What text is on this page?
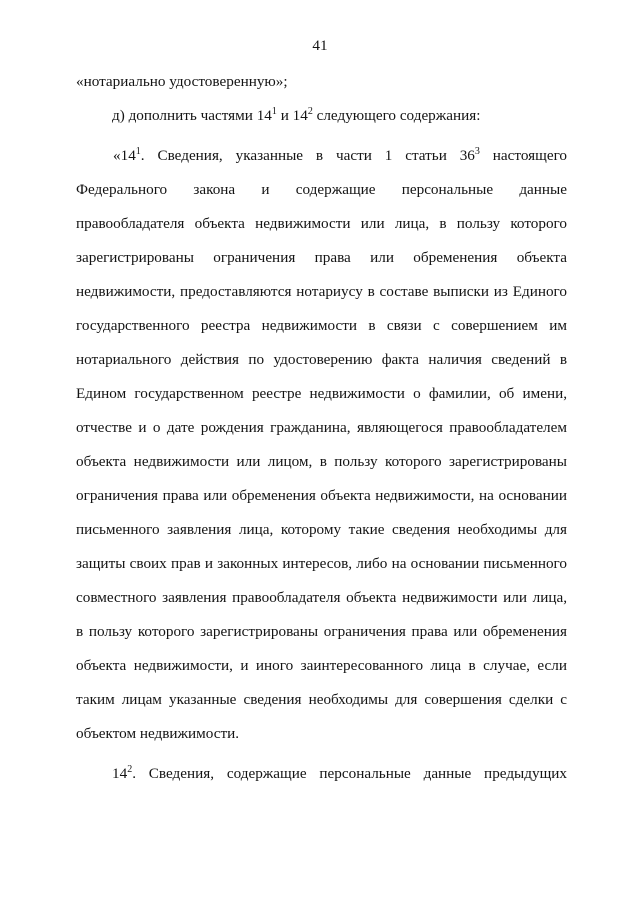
41
«нотариально удостоверенную»;
д) дополнить частями $14^1$ и $14^2$ следующего содержания:
«$14^1$. Сведения, указанные в части 1 статьи $36^3$ настоящего
Федерального закона и содержащие персональные данные
правообладателя объекта недвижимости или лица, в пользу которого
зарегистрированы ограничения права или обременения объекта
недвижимости, предоставляются нотариусу в составе выписки из Единого
государственного реестра недвижимости в связи с совершением им
нотариального действия по удостоверению факта наличия сведений в
Едином государственном реестре недвижимости о фамилии, об имени,
отчестве и о дате рождения гражданина, являющегося правообладателем
объекта недвижимости или лицом, в пользу которого зарегистрированы
ограничения права или обременения объекта недвижимости, на основании
письменного заявления лица, которому такие сведения необходимы для
защиты своих прав и законных интересов, либо на основании письменного
совместного заявления правообладателя объекта недвижимости или лица,
в пользу которого зарегистрированы ограничения права или обременения
объекта недвижимости, и иного заинтересованного лица в случае, если
таким лицам указанные сведения необходимы для совершения сделки с
объектом недвижимости.
$14^2$. Сведения, содержащие персональные данные предыдущих
